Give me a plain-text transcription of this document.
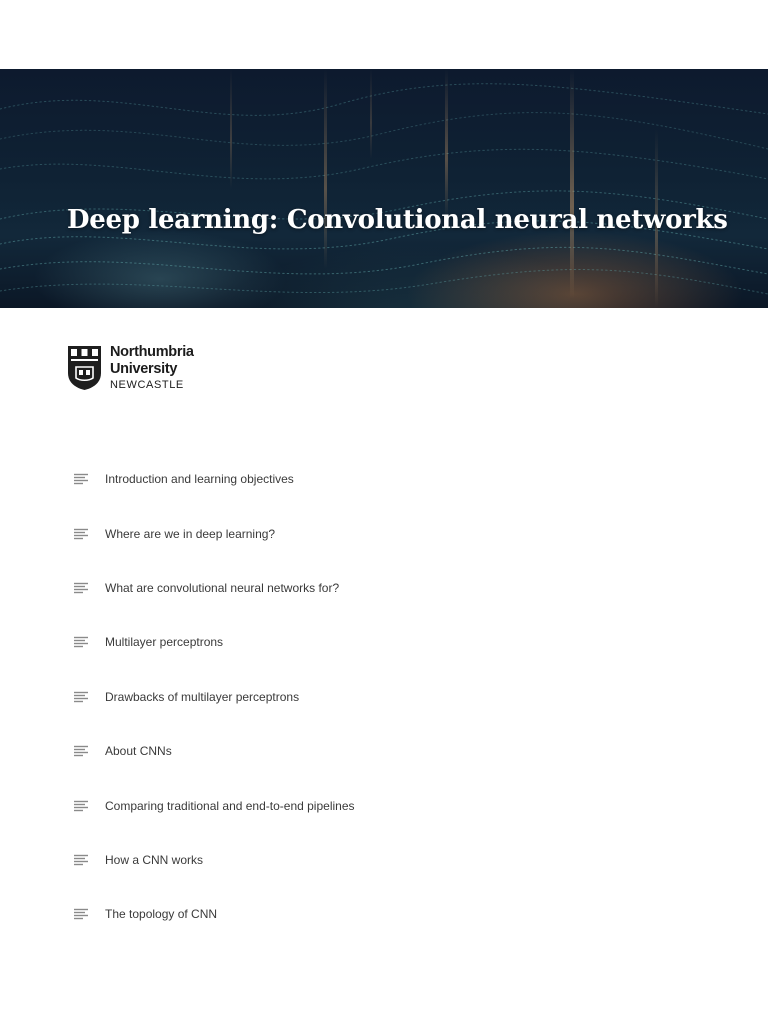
Deep learning: Convolutional neural networks
Northumbria
University
NEWCASTLE
Introduction and learning objectives
Where are we in deep learning?
What are convolutional neural networks for?
Multilayer perceptrons
Drawbacks of multilayer perceptrons
About CNNs
Comparing traditional and end-to-end pipelines
How a CNN works
The topology of CNN
